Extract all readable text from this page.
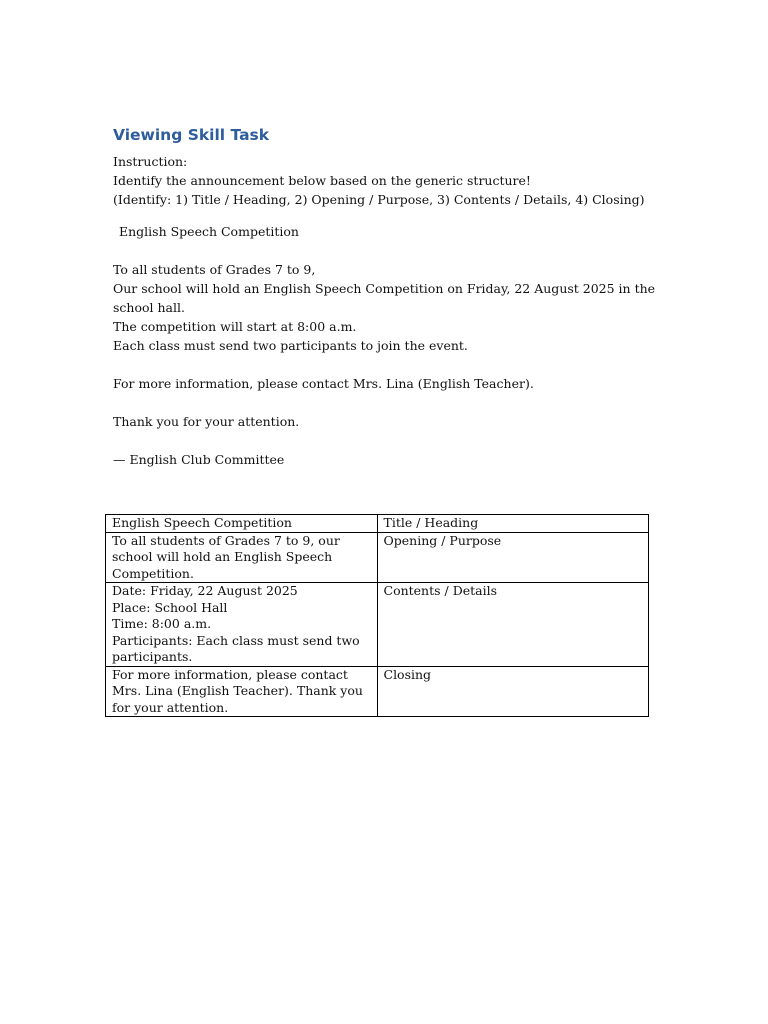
Viewing Skill Task

Instruction:

Identify the announcement below based on the generic structure!

(Identify: 1) Title / Heading, 2) Opening / Purpose, 3) Contents / Details, 4) Closing)

English Speech Competition

To all students of Grades 7 to 9,

Our school will hold an English Speech Competition on Friday, 22 August 2025 in the school hall.

The competition will start at 8:00 a.m.

Each class must send two participants to join the event.

For more information, please contact Mrs. Lina (English Teacher).

Thank you for your attention.

— English Club Committee

English Speech Competition	Title / Heading

To all students of Grades 7 to 9, our school will hold an English Speech Competition.	Opening / Purpose

Date: Friday, 22 August 2025
Place: School Hall
Time: 8:00 a.m.
Participants: Each class must send two participants.	Contents / Details

For more information, please contact Mrs. Lina (English Teacher). Thank you for your attention.	Closing
